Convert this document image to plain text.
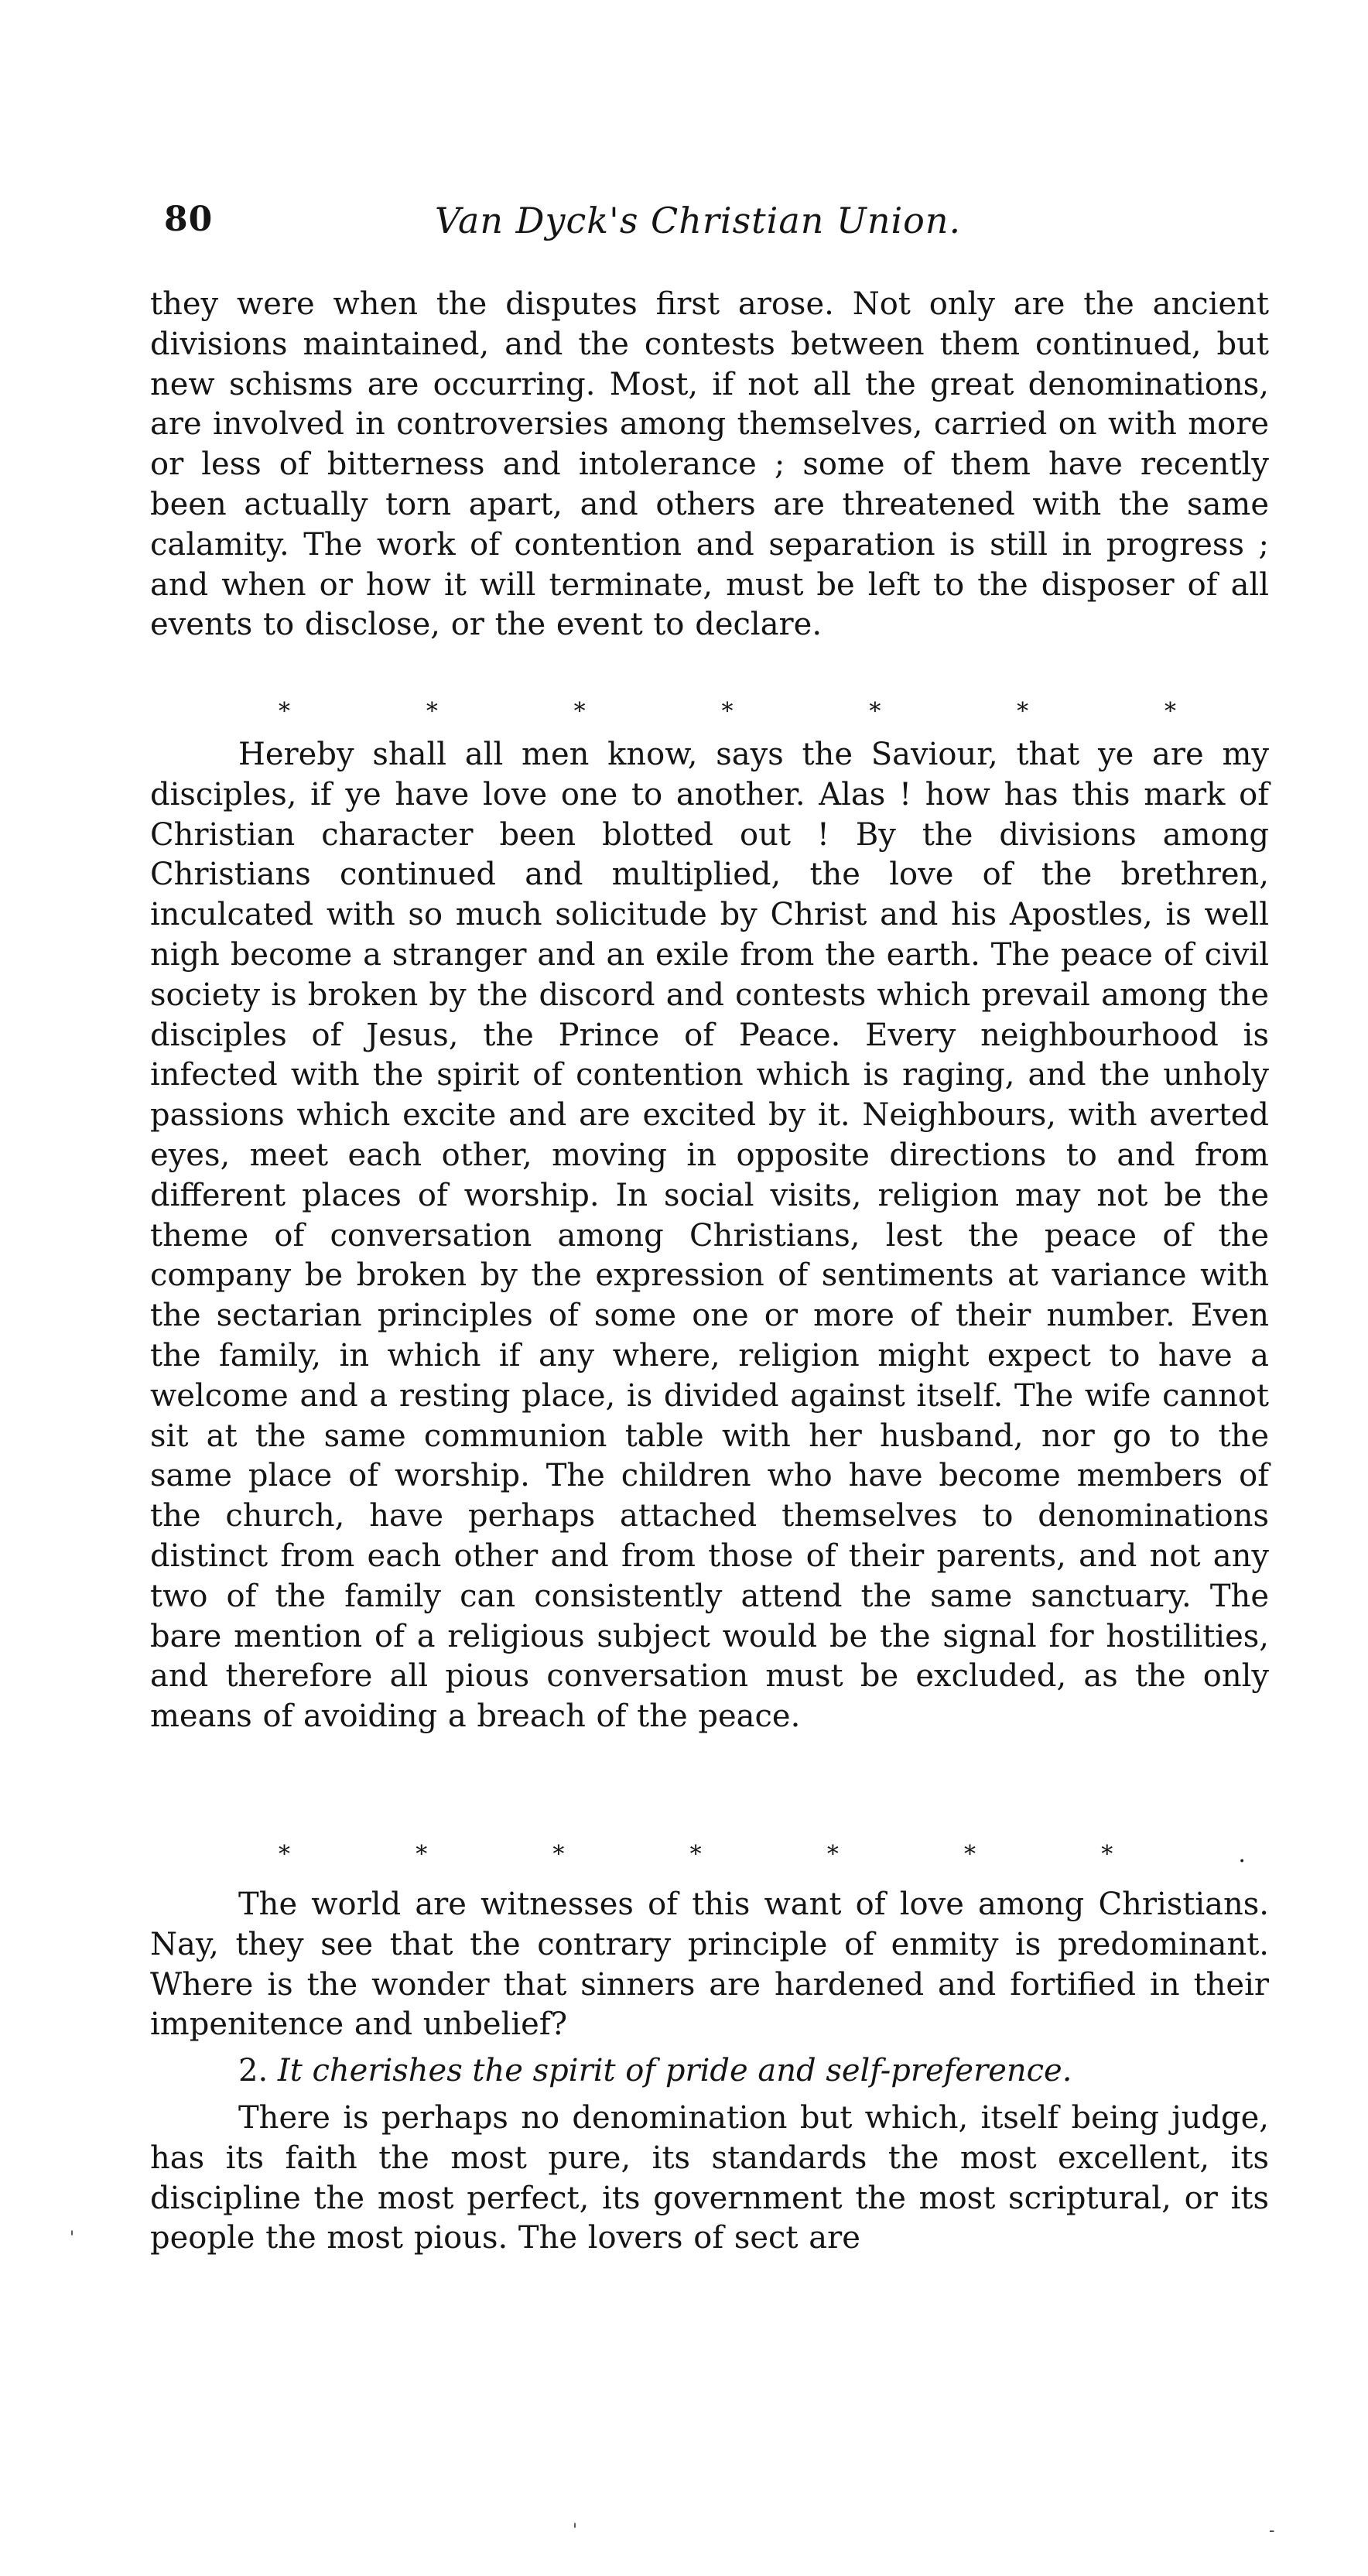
80	Van Dyck's Christian Union.

they were when the disputes first arose. Not only are the ancient divisions maintained, and the contests between them continued, but new schisms are occurring. Most, if not all the great denominations, are involved in controversies among themselves, carried on with more or less of bitterness and intolerance ; some of them have recently been actually torn apart, and others are threatened with the same calamity. The work of contention and separation is still in progress ; and when or how it will terminate, must be left to the disposer of all events to disclose, or the event to declare.

*	*	*	*	*	*	*

Hereby shall all men know, says the Saviour, that ye are my disciples, if ye have love one to another. Alas ! how has this mark of Christian character been blotted out ! By the divisions among Christians continued and multiplied, the love of the brethren, inculcated with so much solicitude by Christ and his Apostles, is well nigh become a stranger and an exile from the earth. The peace of civil society is broken by the discord and contests which prevail among the disciples of Jesus, the Prince of Peace. Every neighbourhood is infected with the spirit of contention which is raging, and the unholy passions which excite and are excited by it. Neighbours, with averted eyes, meet each other, moving in opposite directions to and from different places of worship. In social visits, religion may not be the theme of conversation among Christians, lest the peace of the company be broken by the expression of sentiments at variance with the sectarian principles of some one or more of their number. Even the family, in which if any where, religion might expect to have a welcome and a resting place, is divided against itself. The wife cannot sit at the same communion table with her husband, nor go to the same place of worship. The children who have become members of the church, have perhaps attached themselves to denominations distinct from each other and from those of their parents, and not any two of the family can consistently attend the same sanctuary. The bare mention of a religious subject would be the signal for hostilities, and therefore all pious conversation must be excluded, as the only means of avoiding a breach of the peace.

*	*	*	*	*	*	*	.

The world are witnesses of this want of love among Christians. Nay, they see that the contrary principle of enmity is predominant. Where is the wonder that sinners are hardened and fortified in their impenitence and unbelief?

2. It cherishes the spirit of pride and self-preference.

There is perhaps no denomination but which, itself being judge, has its faith the most pure, its standards the most excellent, its discipline the most perfect, its government the most scriptural, or its people the most pious. The lovers of sect are

'
'	-
